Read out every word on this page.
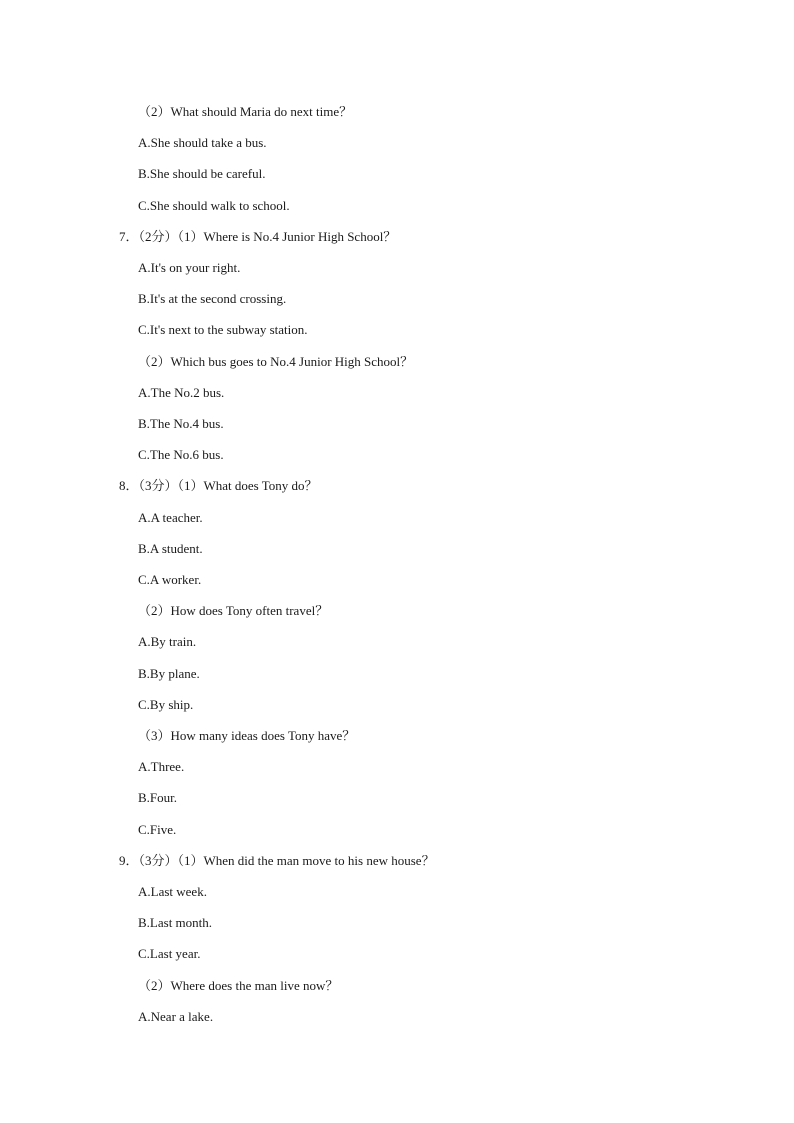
（2）What should Maria do next time？
A.She should take a bus.
B.She should be careful.
C.She should walk to school.
7．（2分）（1）Where is No.4 Junior High School？
A.It's on your right.
B.It's at the second crossing.
C.It's next to the subway station.
（2）Which bus goes to No.4 Junior High School？
A.The No.2 bus.
B.The No.4 bus.
C.The No.6 bus.
8．（3分）（1）What does Tony do？
A.A teacher.
B.A student.
C.A worker.
（2）How does Tony often travel？
A.By train.
B.By plane.
C.By ship.
（3）How many ideas does Tony have？
A.Three.
B.Four.
C.Five.
9．（3分）（1）When did the man move to his new house？
A.Last week.
B.Last month.
C.Last year.
（2）Where does the man live now？
A.Near a lake.
